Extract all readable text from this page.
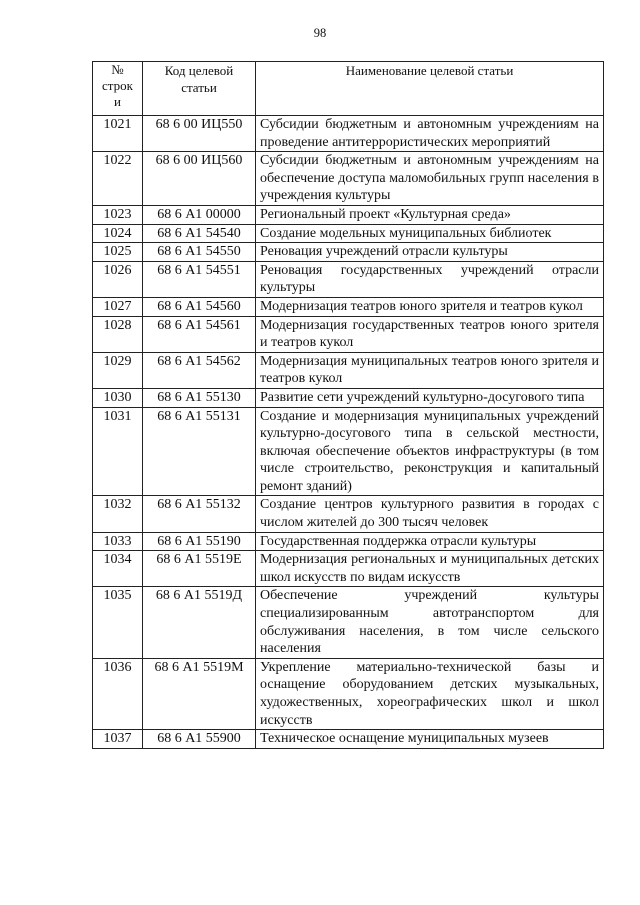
98
№ строк и	Код целевой статьи	Наименование целевой статьи
1021	68 6 00 ИЦ550	Субсидии бюджетным и автономным учреждениям на проведение антитеррористических мероприятий
1022	68 6 00 ИЦ560	Субсидии бюджетным и автономным учреждениям на обеспечение доступа маломобильных групп населения в учреждения культуры
1023	68 6 А1 00000	Региональный проект «Культурная среда»
1024	68 6 А1 54540	Создание модельных муниципальных библиотек
1025	68 6 А1 54550	Реновация учреждений отрасли культуры
1026	68 6 А1 54551	Реновация государственных учреждений отрасли культуры
1027	68 6 А1 54560	Модернизация театров юного зрителя и театров кукол
1028	68 6 А1 54561	Модернизация государственных театров юного зрителя и театров кукол
1029	68 6 А1 54562	Модернизация муниципальных театров юного зрителя и театров кукол
1030	68 6 А1 55130	Развитие сети учреждений культурно-досугового типа
1031	68 6 А1 55131	Создание и модернизация муниципальных учреждений культурно-досугового типа в сельской местности, включая обеспечение объектов инфраструктуры (в том числе строительство, реконструкция и капитальный ремонт зданий)
1032	68 6 А1 55132	Создание центров культурного развития в городах с числом жителей до 300 тысяч человек
1033	68 6 А1 55190	Государственная поддержка отрасли культуры
1034	68 6 А1 5519Е	Модернизация региональных и муниципальных детских школ искусств по видам искусств
1035	68 6 А1 5519Д	Обеспечение учреждений культуры специализированным автотранспортом для обслуживания населения, в том числе сельского населения
1036	68 6 А1 5519М	Укрепление материально-технической базы и оснащение оборудованием детских музыкальных, художественных, хореографических школ и школ искусств
1037	68 6 А1 55900	Техническое оснащение муниципальных музеев
